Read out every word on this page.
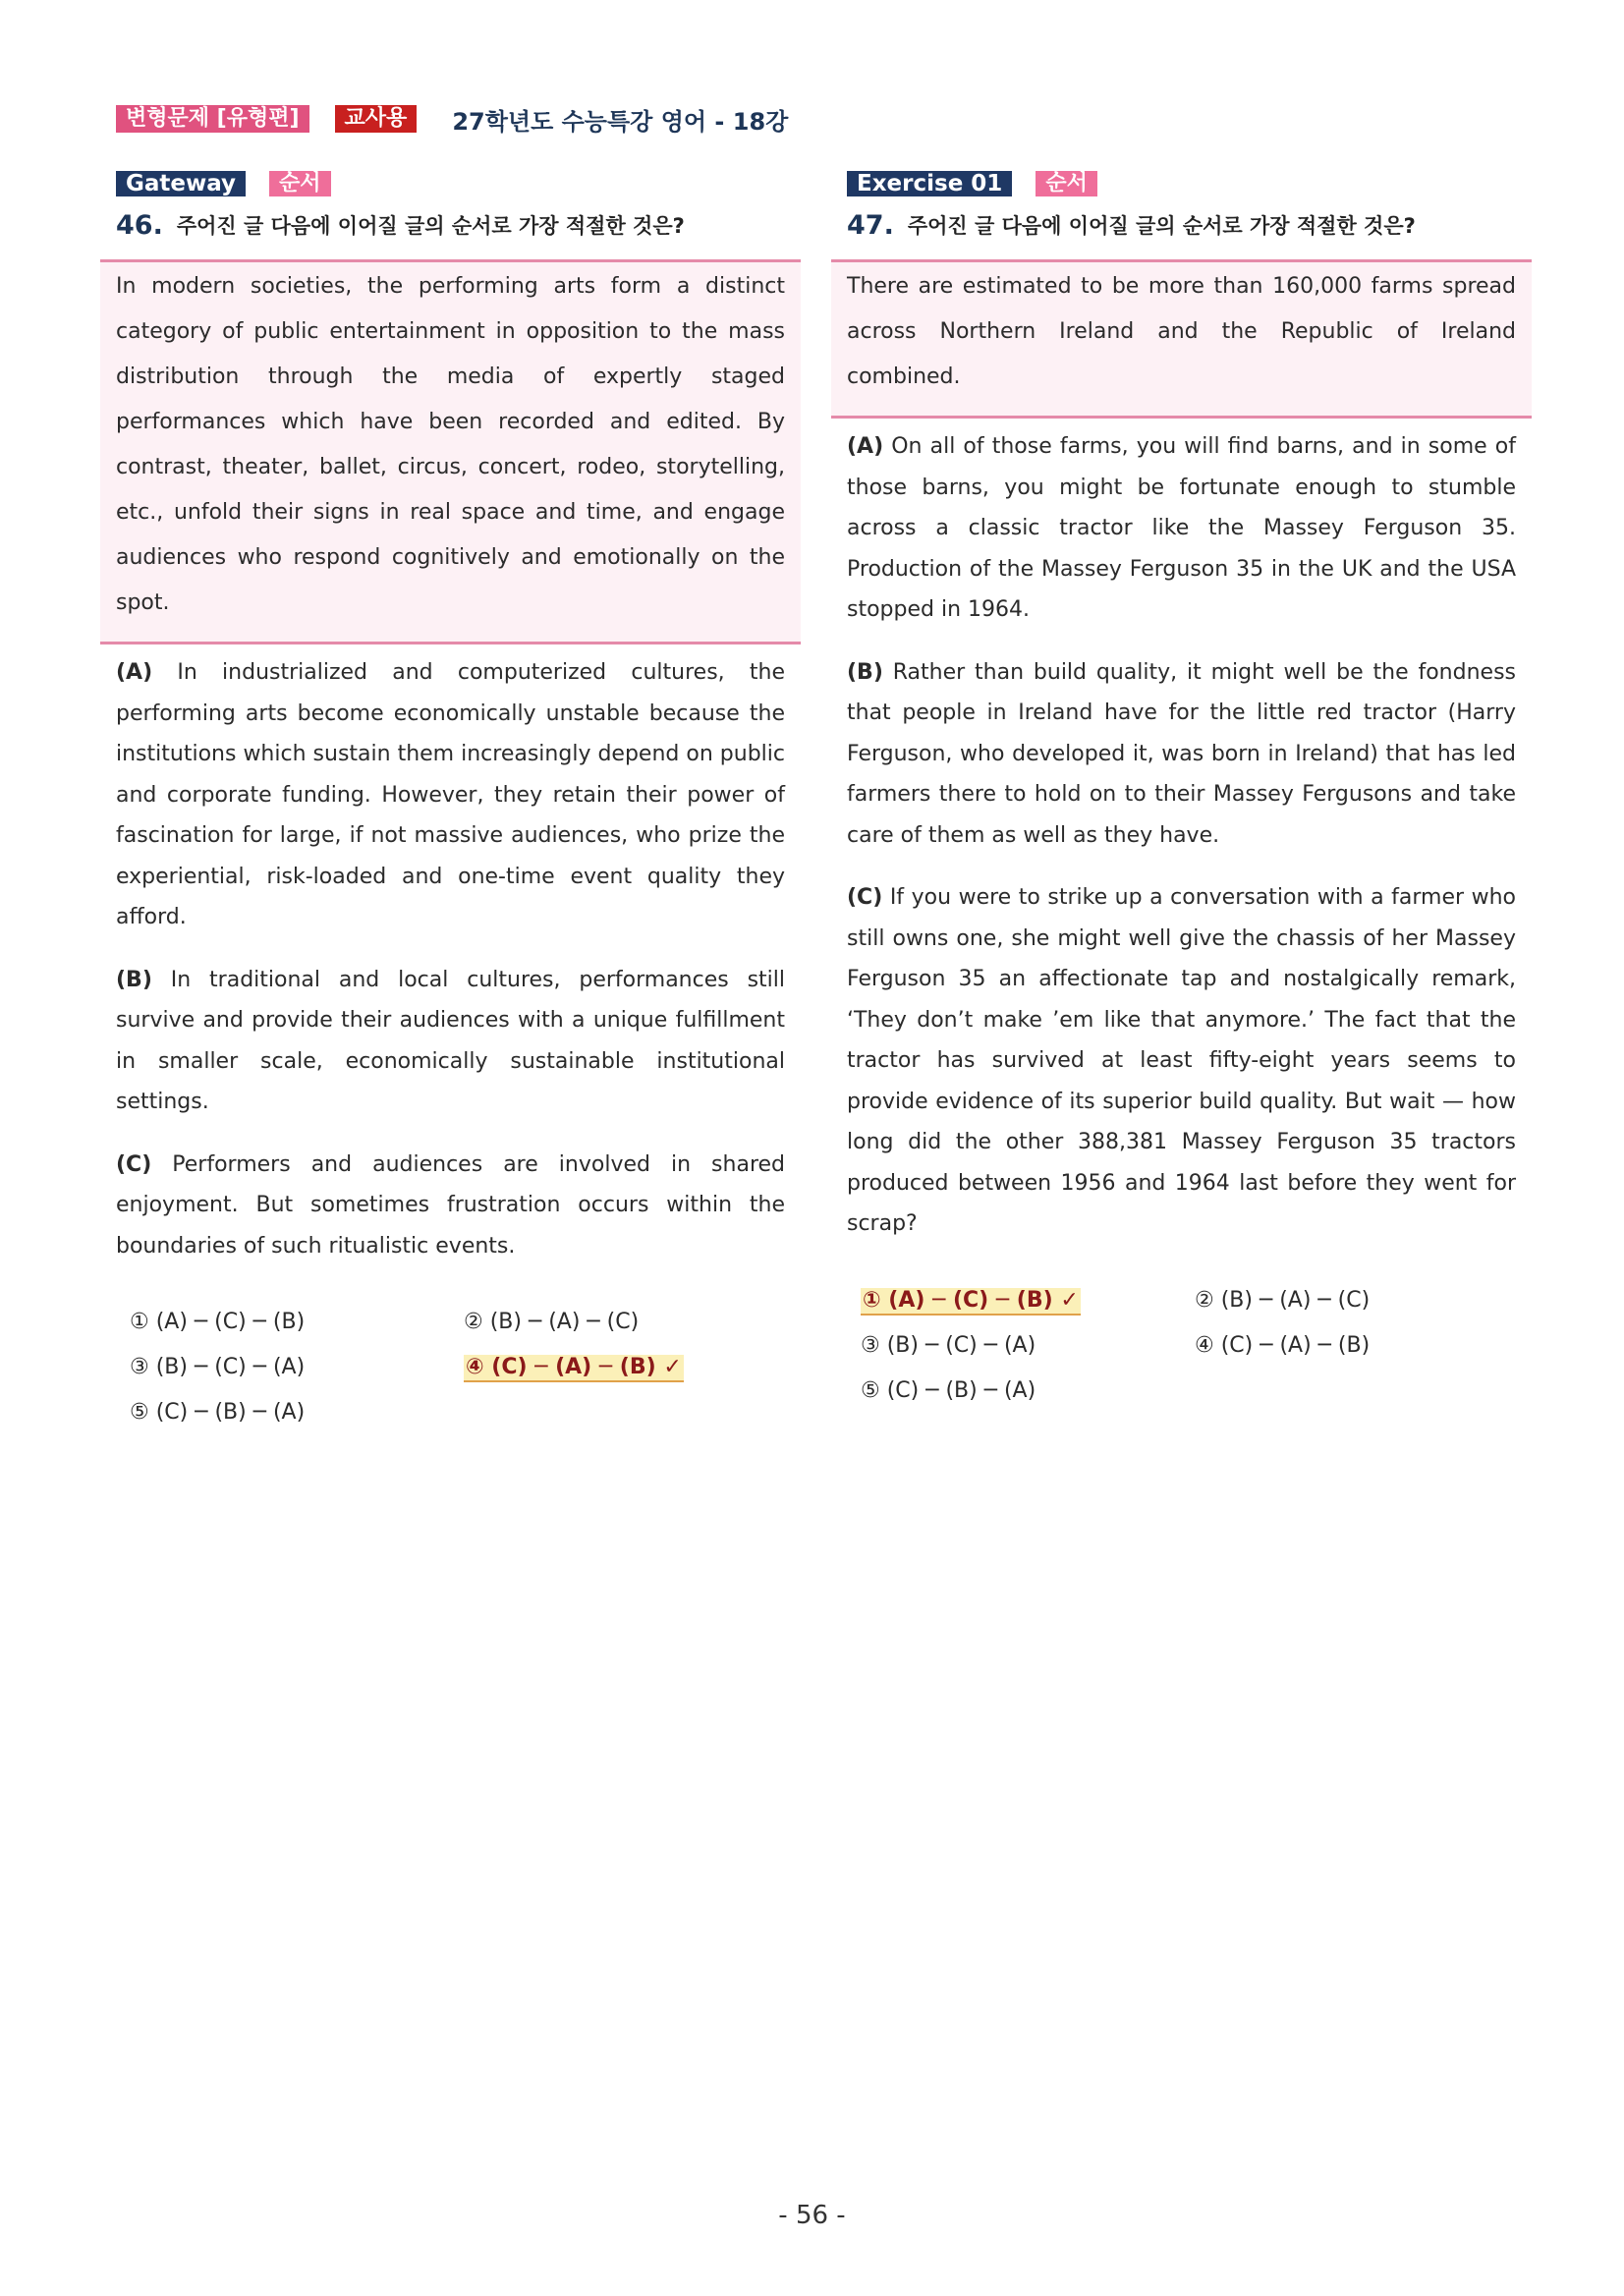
변형문제 [유형편]	교사용	27학년도 수능특강 영어 - 18강
Gateway	순서
46. 주어진 글 다음에 이어질 글의 순서로 가장 적절한 것은?

In modern societies, the performing arts form a distinct category of public entertainment in opposition to the mass distribution through the media of expertly staged performances which have been recorded and edited. By contrast, theater, ballet, circus, concert, rodeo, storytelling, etc., unfold their signs in real space and time, and engage audiences who respond cognitively and emotionally on the spot.

(A) In industrialized and computerized cultures, the performing arts become economically unstable because the institutions which sustain them increasingly depend on public and corporate funding. However, they retain their power of fascination for large, if not massive audiences, who prize the experiential, risk-loaded and one-time event quality they afford.

(B) In traditional and local cultures, performances still survive and provide their audiences with a unique fulfillment in smaller scale, economically sustainable institutional settings.

(C) Performers and audiences are involved in shared enjoyment. But sometimes frustration occurs within the boundaries of such ritualistic events.

① (A) ─ (C) ─ (B)	② (B) ─ (A) ─ (C)
③ (B) ─ (C) ─ (A)	④ (C) ─ (A) ─ (B) ✓
⑤ (C) ─ (B) ─ (A)
Exercise 01	순서
47. 주어진 글 다음에 이어질 글의 순서로 가장 적절한 것은?

There are estimated to be more than 160,000 farms spread across Northern Ireland and the Republic of Ireland combined.

(A) On all of those farms, you will find barns, and in some of those barns, you might be fortunate enough to stumble across a classic tractor like the Massey Ferguson 35. Production of the Massey Ferguson 35 in the UK and the USA stopped in 1964.

(B) Rather than build quality, it might well be the fondness that people in Ireland have for the little red tractor (Harry Ferguson, who developed it, was born in Ireland) that has led farmers there to hold on to their Massey Fergusons and take care of them as well as they have.

(C) If you were to strike up a conversation with a farmer who still owns one, she might well give the chassis of her Massey Ferguson 35 an affectionate tap and nostalgically remark, ‘They don’t make ’em like that anymore.’ The fact that the tractor has survived at least fifty-eight years seems to provide evidence of its superior build quality. But wait — how long did the other 388,381 Massey Ferguson 35 tractors produced between 1956 and 1964 last before they went for scrap?

① (A) ─ (C) ─ (B) ✓	② (B) ─ (A) ─ (C)
③ (B) ─ (C) ─ (A)	④ (C) ─ (A) ─ (B)
⑤ (C) ─ (B) ─ (A)
- 56 -
